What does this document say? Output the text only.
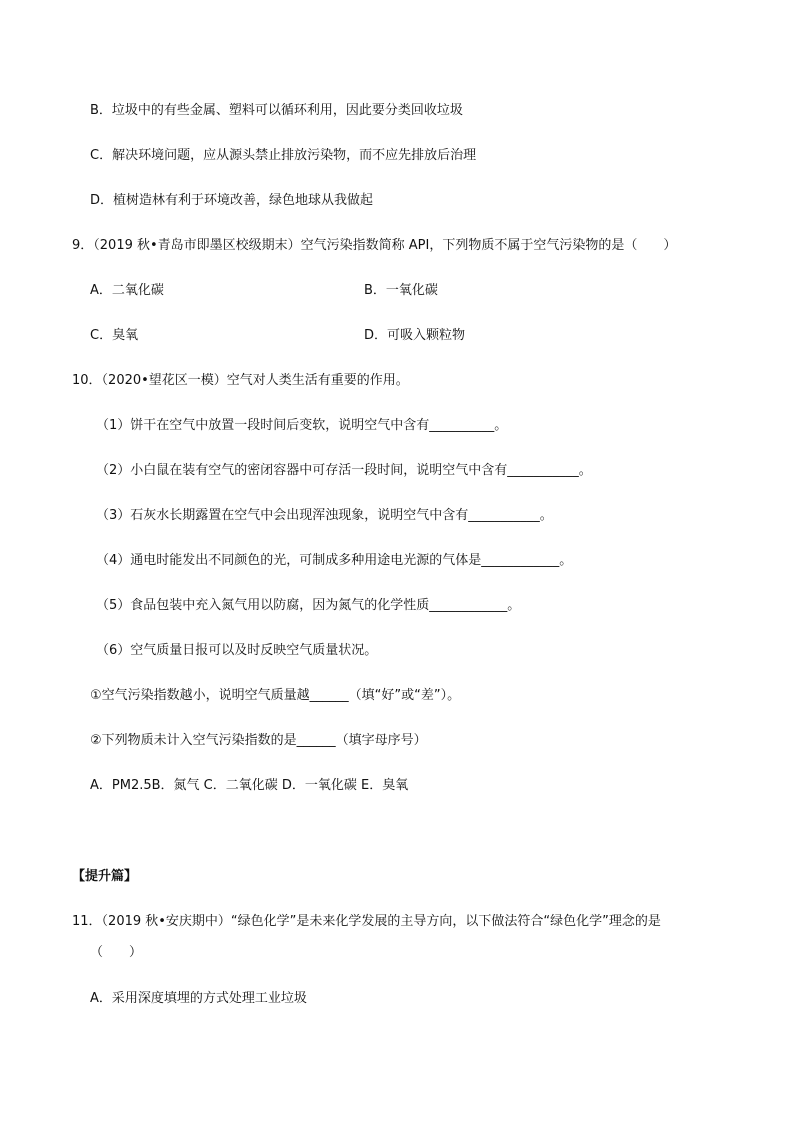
B．垃圾中的有些金属、塑料可以循环利用，因此要分类回收垃圾
C．解决环境问题，应从源头禁止排放污染物，而不应先排放后治理
D．植树造林有利于环境改善，绿色地球从我做起
9．（2019 秋•青岛市即墨区校级期末）空气污染指数简称 API，下列物质不属于空气污染物的是（　　）
A．二氧化碳	B．一氧化碳
C．臭氧	D．可吸入颗粒物
10．（2020•望花区一模）空气对人类生活有重要的作用。
（1）饼干在空气中放置一段时间后变软，说明空气中含有__________。
（2）小白鼠在装有空气的密闭容器中可存活一段时间，说明空气中含有___________。
（3）石灰水长期露置在空气中会出现浑浊现象，说明空气中含有___________。
（4）通电时能发出不同颜色的光，可制成多种用途电光源的气体是____________。
（5）食品包装中充入氮气用以防腐，因为氮气的化学性质____________。
（6）空气质量日报可以及时反映空气质量状况。
①空气污染指数越小，说明空气质量越______（填“好”或“差”）。
②下列物质未计入空气污染指数的是______（填字母序号）
A．PM2.5B．氮气 C．二氧化碳 D．一氧化碳 E．臭氧
【提升篇】
11．（2019 秋•安庆期中）“绿色化学”是未来化学发展的主导方向，以下做法符合“绿色化学”理念的是
（　　）
A．采用深度填埋的方式处理工业垃圾
